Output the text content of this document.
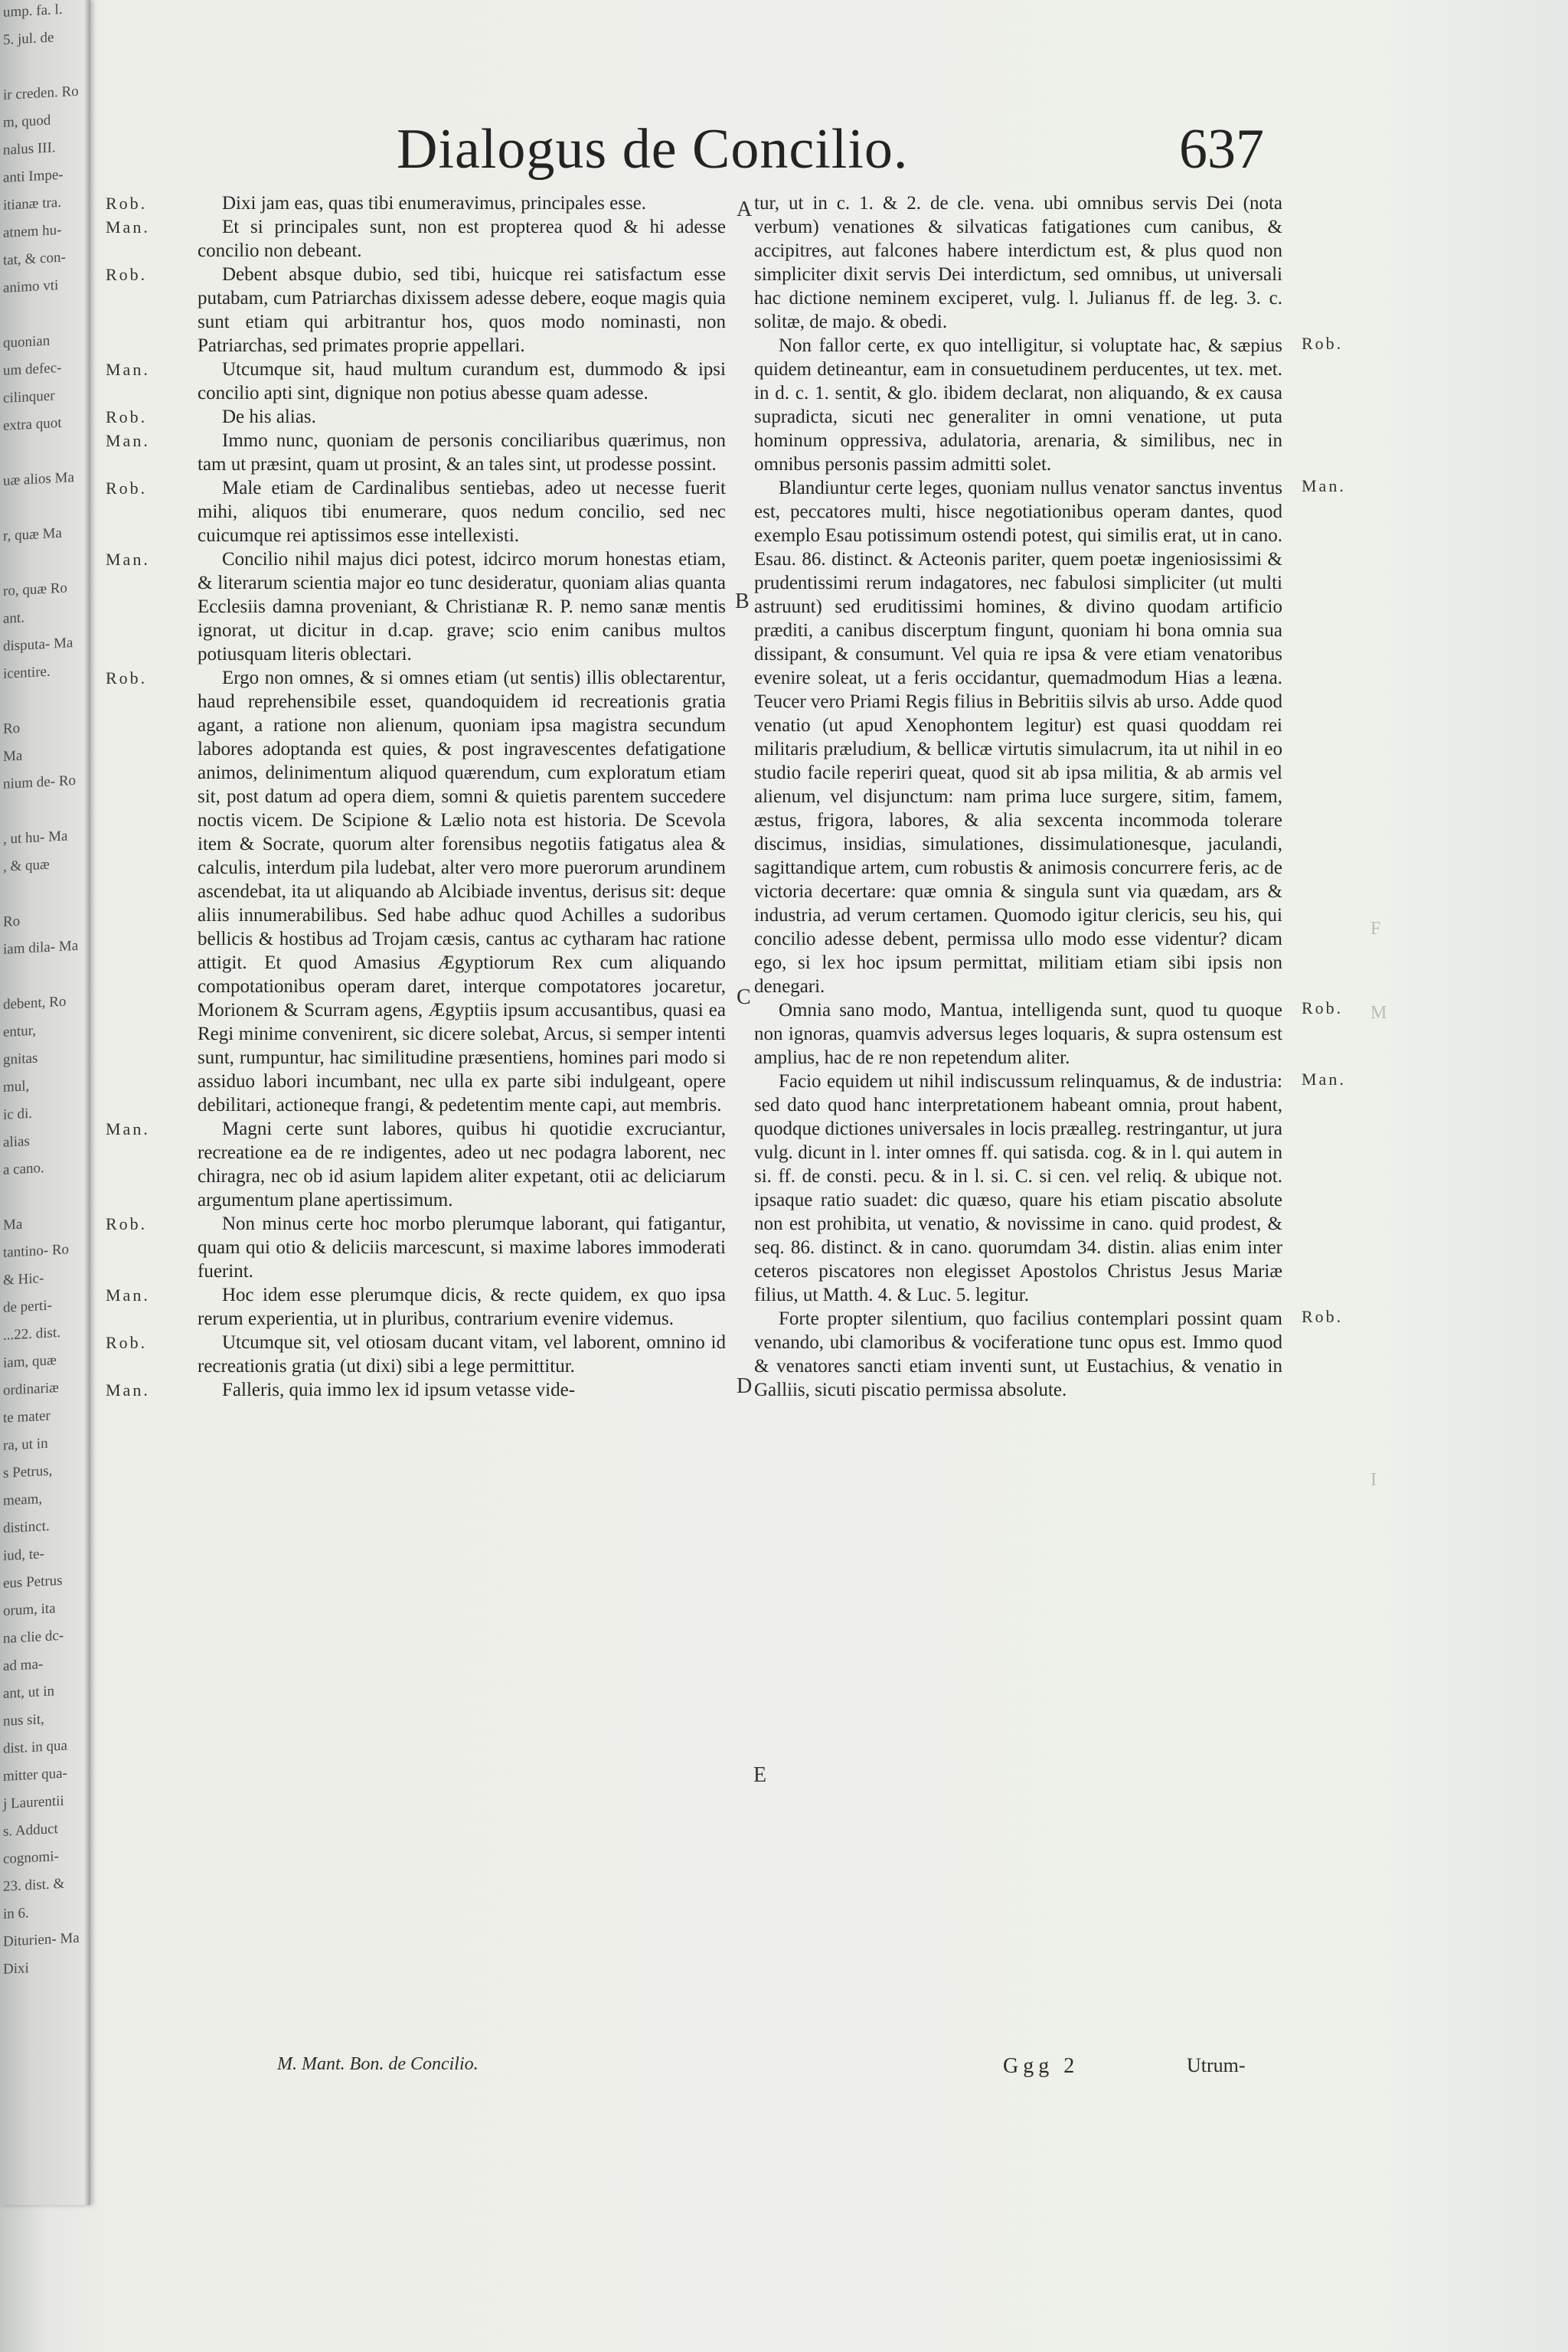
ump. fa. l.
5. jul. de
ir creden. Ro
m, quod
nalus III.
anti Impe-
itianæ tra.
atnem hu-
tat, & con-
animo vti
quonian
um defec-
cilinquer
extra quot
uæ alios Ma
r, quæ Ma
ro, quæ Ro
ant.
disputa- Ma
icentire.
Ro
Ma
nium de- Ro
, ut hu- Ma
, & quæ
Ro
iam dila- Ma
debent, Ro
entur,
gnitas
mul,
ic di.
alias
a cano.
Ma
tantino- Ro
& Hic-
de perti-
...22. dist.
iam, quæ
ordinariæ
te mater
ra, ut in
s Petrus,
meam,
distinct.
iud, te-
eus Petrus
orum, ita
na clie dc-
ad ma-
ant, ut in
nus sit,
dist. in qua
mitter qua-
j Laurentii
s. Adduct
cognomi-
23. dist. &
in 6.
Diturien- Ma
Dixi
Dialogus de Concilio.	637

Rob.	Dixi jam eas, quas tibi enumeravimus, principales esse.

Man.	Et si principales sunt, non est propterea quod & hi adesse concilio non debeant.

Rob.	Debent absque dubio, sed tibi, huicque rei satisfactum esse putabam, cum Patriarchas dixissem adesse debere, eoque magis quia sunt etiam qui arbitrantur hos, quos modo nominasti, non Patriarchas, sed primates proprie appellari.

Man.	Utcumque sit, haud multum curandum est, dummodo & ipsi concilio apti sint, dignique non potius abesse quam adesse.

Rob.	De his alias.

Man.	Immo nunc, quoniam de personis conciliaribus quærimus, non tam ut præsint, quam ut prosint, & an tales sint, ut prodesse possint.

Rob.	Male etiam de Cardinalibus sentiebas, adeo ut necesse fuerit mihi, aliquos tibi enumerare, quos nedum concilio, sed nec cuicumque rei aptissimos esse intellexisti.

Man.	Concilio nihil majus dici potest, idcirco morum honestas etiam, & literarum scientia major eo tunc desideratur, quoniam alias quanta Ecclesiis damna proveniant, & Christianæ R. P. nemo sanæ mentis ignorat, ut dicitur in d.cap. grave; scio enim canibus multos potiusquam literis oblectari.

Rob.	Ergo non omnes, & si omnes etiam (ut sentis) illis oblectarentur, haud reprehensibile esset, quandoquidem id recreationis gratia agant, a ratione non alienum, quoniam ipsa magistra secundum labores adoptanda est quies, & post ingravescentes defatigatione animos, delinimentum aliquod quærendum, cum exploratum etiam sit, post datum ad opera diem, somni & quietis parentem succedere noctis vicem. De Scipione & Lælio nota est historia. De Scevola item & Socrate, quorum alter forensibus negotiis fatigatus alea & calculis, interdum pila ludebat, alter vero more puerorum arundinem ascendebat, ita ut aliquando ab Alcibiade inventus, derisus sit: deque aliis innumerabilibus. Sed habe adhuc quod Achilles a sudoribus bellicis & hostibus ad Trojam cæsis, cantus ac cytharam hac ratione attigit. Et quod Amasius Ægyptiorum Rex cum aliquando compotationibus operam daret, interque compotatores jocaretur, Morionem & Scurram agens, Ægyptiis ipsum accusantibus, quasi ea Regi minime convenirent, sic dicere solebat, Arcus, si semper intenti sunt, rumpuntur, hac similitudine præsentiens, homines pari modo si assiduo labori incumbant, nec ulla ex parte sibi indulgeant, opere debilitari, actioneque frangi, & pedetentim mente capi, aut membris.

Man.	Magni certe sunt labores, quibus hi quotidie excruciantur, recreatione ea de re indigentes, adeo ut nec podagra laborent, nec chiragra, nec ob id asium lapidem aliter expetant, otii ac deliciarum argumentum plane apertissimum.

Rob.	Non minus certe hoc morbo plerumque laborant, qui fatigantur, quam qui otio & deliciis marcescunt, si maxime labores immoderati fuerint.

Man.	Hoc idem esse plerumque dicis, & recte quidem, ex quo ipsa rerum experientia, ut in pluribus, contrarium evenire videmus.

Rob.	Utcumque sit, vel otiosam ducant vitam, vel laborent, omnino id recreationis gratia (ut dixi) sibi a lege permittitur.

Man.	Falleris, quia immo lex id ipsum vetasse vide-

tur, ut in c. 1. & 2. de cle. vena. ubi omnibus servis Dei (nota verbum) venationes & silvaticas fatigationes cum canibus, & accipitres, aut falcones habere interdictum est, & plus quod non simpliciter dixit servis Dei interdictum, sed omnibus, ut universali hac dictione neminem exciperet, vulg. l. Julianus ff. de leg. 3. c. solitæ, de majo. & obedi.

Non fallor certe, ex quo intelligitur, si voluptate hac, & sæpius quidem detineantur, eam in consuetudinem perducentes, ut tex. met. in d. c. 1. sentit, & glo. ibidem declarat, non aliquando, & ex causa supradicta, sicuti nec generaliter in omni venatione, ut puta hominum oppressiva, adulatoria, arenaria, & similibus, nec in omnibus personis passim admitti solet.

Blandiuntur certe leges, quoniam nullus venator sanctus inventus est, peccatores multi, hisce negotiationibus operam dantes, quod exemplo Esau potissimum ostendi potest, qui similis erat, ut in cano. Esau. 86. distinct. & Acteonis pariter, quem poetæ ingeniosissimi & prudentissimi rerum indagatores, nec fabulosi simpliciter (ut multi astruunt) sed eruditissimi homines, & divino quodam artificio præditi, a canibus discerptum fingunt, quoniam hi bona omnia sua dissipant, & consumunt. Vel quia re ipsa & vere etiam venatoribus evenire soleat, ut a feris occidantur, quemadmodum Hias a leæna. Teucer vero Priami Regis filius in Bebritiis silvis ab urso. Adde quod venatio (ut apud Xenophontem legitur) est quasi quoddam rei militaris præludium, & bellicæ virtutis simulacrum, ita ut nihil in eo studio facile reperiri queat, quod sit ab ipsa militia, & ab armis vel alienum, vel disjunctum: nam prima luce surgere, sitim, famem, æstus, frigora, labores, & alia sexcenta incommoda tolerare discimus, insidias, simulationes, dissimulationesque, jaculandi, sagittandique artem, cum robustis & animosis concurrere feris, ac de victoria decertare: quæ omnia & singula sunt via quædam, ars & industria, ad verum certamen. Quomodo igitur clericis, seu his, qui concilio adesse debent, permissa ullo modo esse videntur? dicam ego, si lex hoc ipsum permittat, militiam etiam sibi ipsis non denegari.

Omnia sano modo, Mantua, intelligenda sunt, quod tu quoque non ignoras, quamvis adversus leges loquaris, & supra ostensum est amplius, hac de re non repetendum aliter.

Facio equidem ut nihil indiscussum relinquamus, & de industria: sed dato quod hanc interpretationem habeant omnia, prout habent, quodque dictiones universales in locis præalleg. restringantur, ut jura vulg. dicunt in l. inter omnes ff. qui satisda. cog. & in l. qui autem in si. ff. de consti. pecu. & in l. si. C. si cen. vel reliq. & ubique not. ipsaque ratio suadet: dic quæso, quare his etiam piscatio absolute non est prohibita, ut venatio, & novissime in cano. quid prodest, & seq. 86. distinct. & in cano. quorumdam 34. distin. alias enim inter ceteros piscatores non elegisset Apostolos Christus Jesus Mariæ filius, ut Matth. 4. & Luc. 5. legitur.

Forte propter silentium, quo facilius contemplari possint quam venando, ubi clamoribus & vociferatione tunc opus est. Immo quod & venatores sancti etiam inventi sunt, ut Eustachius, & venatio in Galliis, sicuti piscatio permissa absolute.

A
B
C
D
E
F
M
I
M. Mant. Bon. de Concilio.	Ggg 2	Utrum-
Rob.
Man.
Rob.
Man.
Rob.
